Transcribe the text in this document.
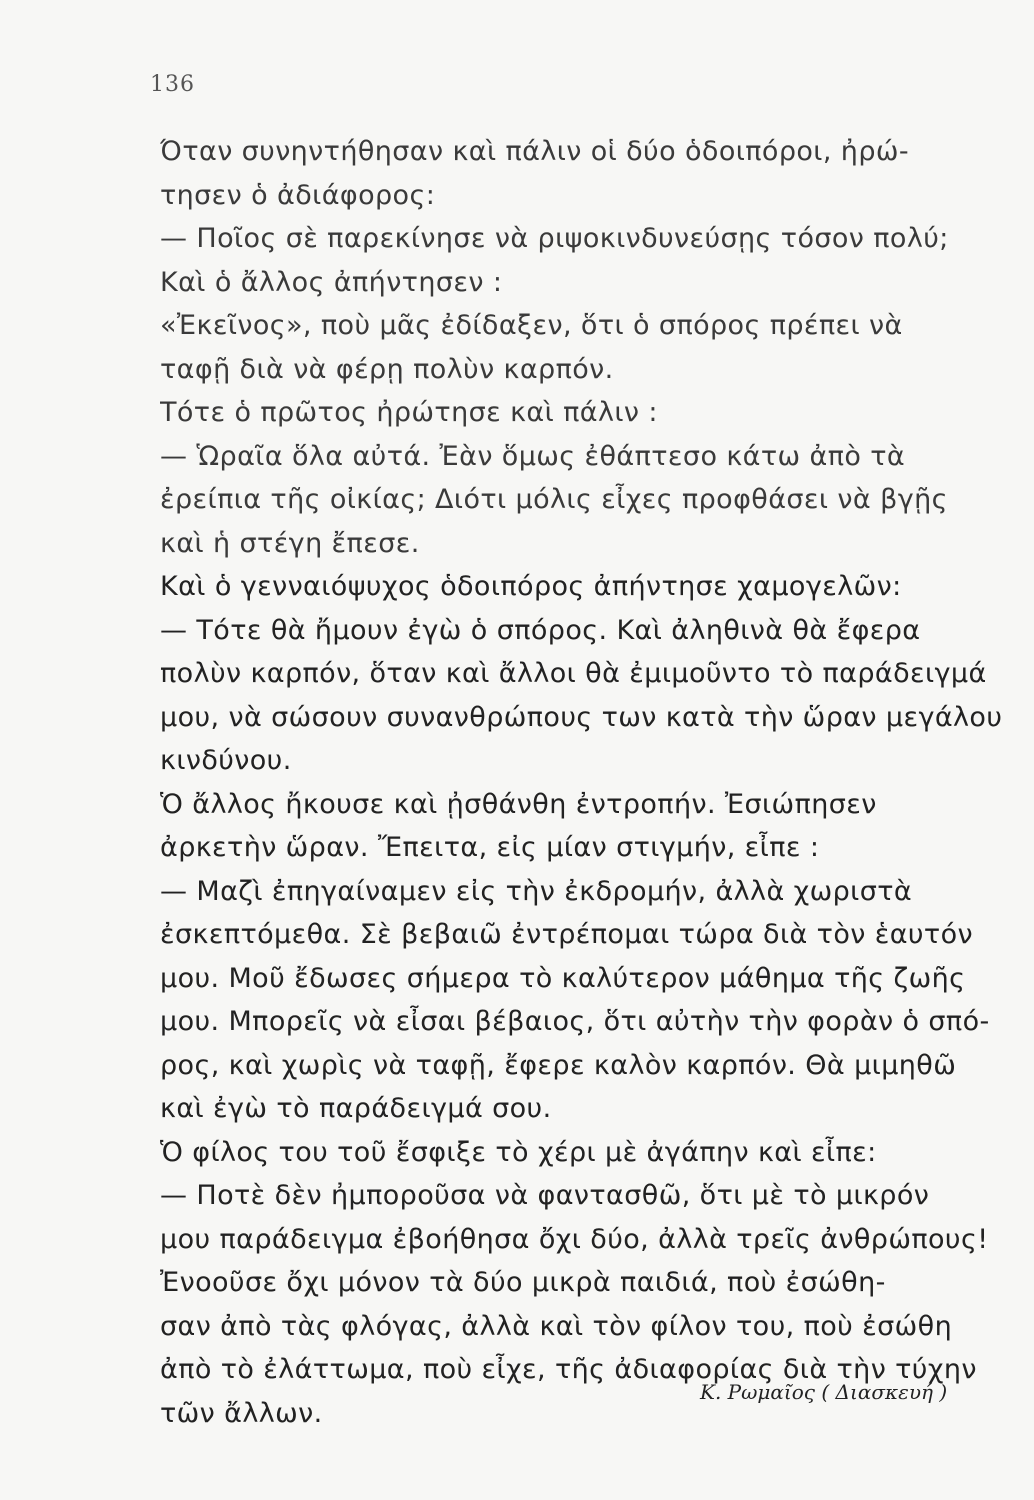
136
Όταν συνηντήθησαν καὶ πάλιν οἱ δύο ὁδοιπόροι, ἠρώ-
τησεν ὁ ἀδιάφορος:
— Ποῖος σὲ παρεκίνησε νὰ ριψοκινδυνεύσῃς τόσον πολύ;
Καὶ ὁ ἄλλος ἀπήντησεν :
«Ἐκεῖνος», ποὺ μᾶς ἐδίδαξεν, ὅτι ὁ σπόρος πρέπει νὰ
ταφῇ διὰ νὰ φέρῃ πολὺν καρπόν.
Τότε ὁ πρῶτος ἠρώτησε καὶ πάλιν :
— Ὡραῖα ὅλα αὐτά. Ἐὰν ὅμως ἐθάπτεσο κάτω ἀπὸ τὰ
ἐρείπια τῆς οἰκίας; Διότι μόλις εἶχες προφθάσει νὰ βγῇς
καὶ ἡ στέγη ἔπεσε.
Καὶ ὁ γενναιόψυχος ὁδοιπόρος ἀπήντησε χαμογελῶν:
— Τότε θὰ ἤμουν ἐγὼ ὁ σπόρος. Καὶ ἀληθινὰ θὰ ἔφερα
πολὺν καρπόν, ὅταν καὶ ἄλλοι θὰ ἐμιμοῦντο τὸ παράδειγμά
μου, νὰ σώσουν συνανθρώπους των κατὰ τὴν ὥραν μεγάλου
κινδύνου.
Ὁ ἄλλος ἤκουσε καὶ ᾐσθάνθη ἐντροπήν. Ἐσιώπησεν
ἀρκετὴν ὥραν. Ἔπειτα, εἰς μίαν στιγμήν, εἶπε :
— Μαζὶ ἐπηγαίναμεν εἰς τὴν ἐκδρομήν, ἀλλὰ χωριστὰ
ἐσκεπτόμεθα. Σὲ βεβαιῶ ἐντρέπομαι τώρα διὰ τὸν ἑαυτόν
μου. Μοῦ ἔδωσες σήμερα τὸ καλύτερον μάθημα τῆς ζωῆς
μου. Μπορεῖς νὰ εἶσαι βέβαιος, ὅτι αὐτὴν τὴν φορὰν ὁ σπό-
ρος, καὶ χωρὶς νὰ ταφῇ, ἔφερε καλὸν καρπόν. Θὰ μιμηθῶ
καὶ ἐγὼ τὸ παράδειγμά σου.
Ὁ φίλος του τοῦ ἔσφιξε τὸ χέρι μὲ ἀγάπην καὶ εἶπε:
— Ποτὲ δὲν ἠμποροῦσα νὰ φαντασθῶ, ὅτι μὲ τὸ μικρόν
μου παράδειγμα ἐβοήθησα ὄχι δύο, ἀλλὰ τρεῖς ἀνθρώπους!
Ἐνοοῦσε ὄχι μόνον τὰ δύο μικρὰ παιδιά, ποὺ ἐσώθη-
σαν ἀπὸ τὰς φλόγας, ἀλλὰ καὶ τὸν φίλον του, ποὺ ἐσώθη
ἀπὸ τὸ ἐλάττωμα, ποὺ εἶχε, τῆς ἀδιαφορίας διὰ τὴν τύχην
τῶν ἄλλων.
Κ. Ρωμαῖος ( Διασκευή )
